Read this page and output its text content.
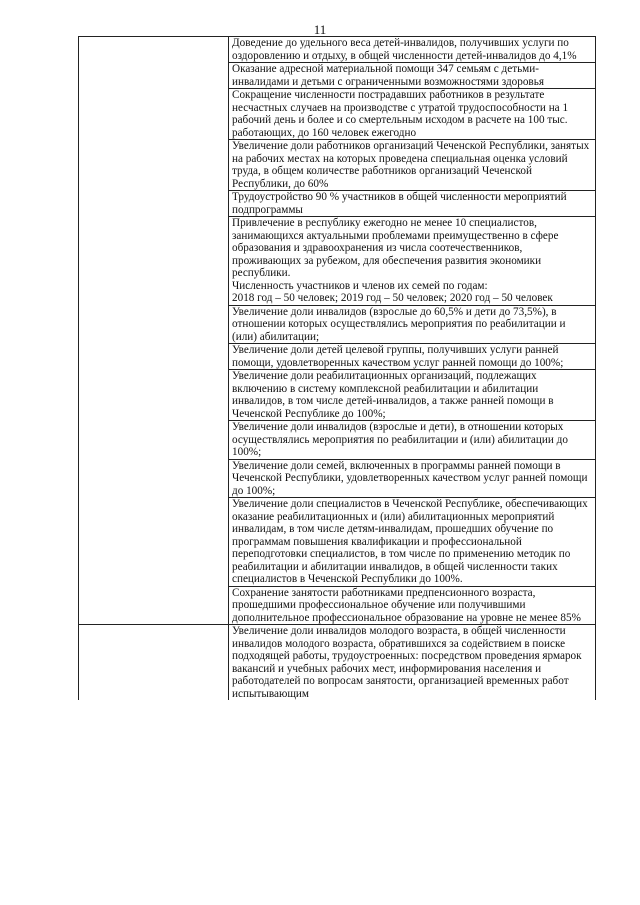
11
	Доведение до удельного веса детей-инвалидов, получивших услуги по оздоровлению и отдыху, в общей численности детей-инвалидов до 4,1%
	Оказание адресной материальной помощи 347 семьям с детьми-инвалидами и детьми с ограниченными возможностями здоровья
	Сокращение численности пострадавших работников в результате несчастных случаев на производстве с утратой трудоспособности на 1 рабочий день и более и со смертельным исходом в расчете на 100 тыс. работающих, до 160 человек ежегодно
	Увеличение доли работников организаций Чеченской Республики, занятых на рабочих местах на которых проведена специальная оценка условий труда, в общем количестве работников организаций Чеченской Республики, до 60%
	Трудоустройство 90 % участников в общей численности мероприятий подпрограммы
	Привлечение в республику ежегодно не менее 10 специалистов, занимающихся актуальными проблемами преимущественно в сфере образования и здравоохранения из числа соотечественников, проживающих за рубежом, для обеспечения развития экономики республики.
Численность участников и членов их семей по годам:
2018 год – 50 человек; 2019 год – 50 человек; 2020 год – 50 человек
	Увеличение доли инвалидов (взрослые до 60,5% и дети до 73,5%), в отношении которых осуществлялись мероприятия по реабилитации и (или) абилитации;
	Увеличение доли детей целевой группы, получивших услуги ранней помощи, удовлетворенных качеством услуг ранней помощи до 100%;
	Увеличение доли реабилитационных организаций, подлежащих включению в систему комплексной реабилитации и абилитации инвалидов, в том числе детей-инвалидов, а также ранней помощи в Чеченской Республике до 100%;
	Увеличение доли инвалидов (взрослые и дети), в отношении которых осуществлялись мероприятия по реабилитации и (или) абилитации до 100%;
	Увеличение доли семей, включенных в программы ранней помощи в Чеченской Республики, удовлетворенных качеством услуг ранней помощи до 100%;
	Увеличение доли специалистов в Чеченской Республике, обеспечивающих оказание реабилитационных и (или) абилитационных мероприятий инвалидам, в том числе детям-инвалидам, прошедших обучение по программам повышения квалификации и профессиональной переподготовки специалистов, в том числе по применению методик по реабилитации и абилитации инвалидов, в общей численности таких специалистов в Чеченской Республики до 100%.
	Сохранение занятости работниками предпенсионного возраста, прошедшими профессиональное обучение или получившими дополнительное профессиональное образование на уровне не менее 85%
	Увеличение доли инвалидов молодого возраста, в общей численности инвалидов молодого возраста, обратившихся за содействием в поиске подходящей работы, трудоустроенных: посредством проведения ярмарок вакансий и учебных рабочих мест, информирования населения и работодателей по вопросам занятости, организацией временных работ испытывающим
